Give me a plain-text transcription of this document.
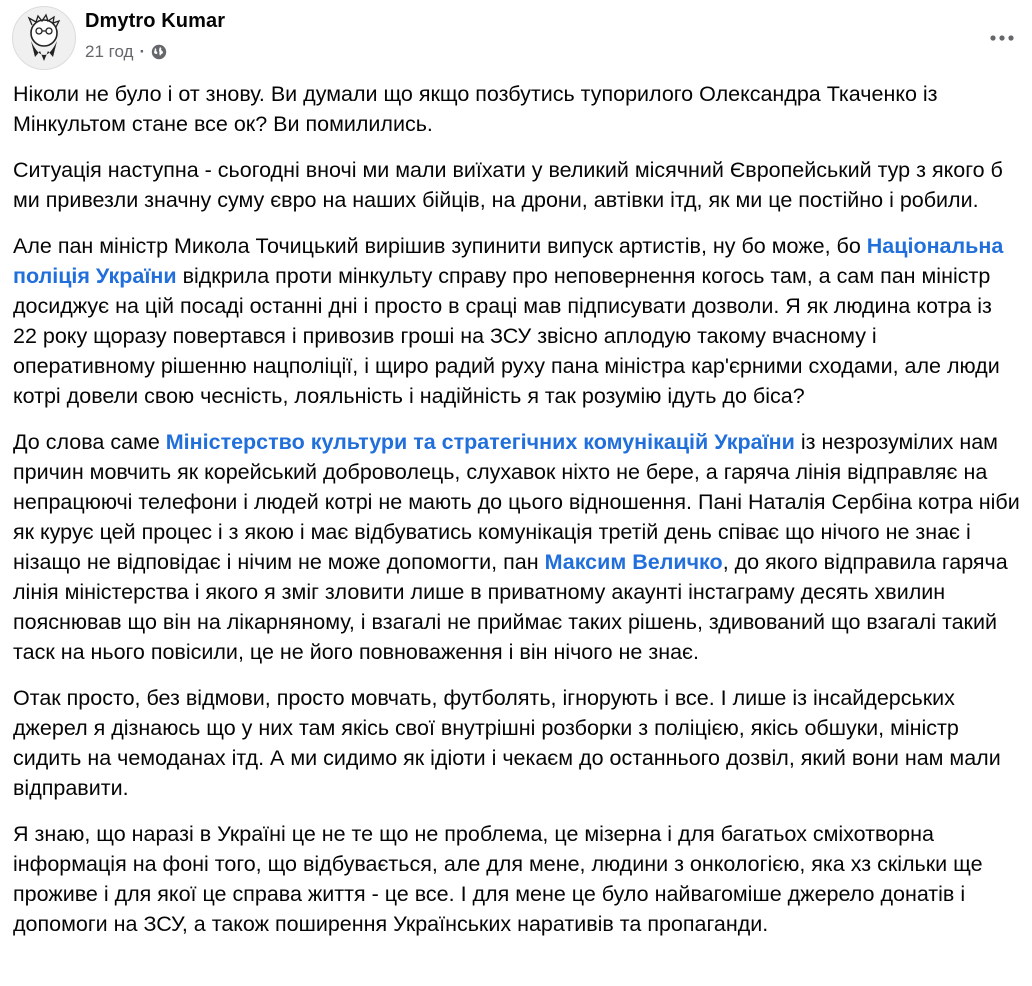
Dmytro Kumar
21 год ·

Ніколи не було і от знову. Ви думали що якщо позбутись тупорилого Олександра Ткаченко із Мінкультом стане все ок? Ви помилились.

Ситуація наступна - сьогодні вночі ми мали виїхати у великий місячний Європейський тур з якого б ми привезли значну суму євро на наших бійців, на дрони, автівки ітд, як ми це постійно і робили.

Але пан міністр Микола Точицький вирішив зупинити випуск артистів, ну бо може, бо Національна поліція України відкрила проти мінкульту справу про неповернення когось там, а сам пан міністр досиджує на цій посаді останні дні і просто в сраці мав підписувати дозволи. Я як людина котра із 22 року щоразу повертався і привозив гроші на ЗСУ звісно аплодую такому вчасному і оперативному рішенню нацполіції, і щиро радий руху пана міністра кар'єрними сходами, але люди котрі довели свою чесність, лояльність і надійність я так розумію ідуть до біса?

До слова саме Міністерство культури та стратегічних комунікацій України із незрозумілих нам причин мовчить як корейський доброволець, слухавок ніхто не бере, а гаряча лінія відправляє на непрацюючі телефони і людей котрі не мають до цього відношення. Пані Наталія Сербіна котра ніби як курує цей процес і з якою і має відбуватись комунікація третій день співає що нічого не знає і нізащо не відповідає і нічим не може допомогти, пан Максим Величко, до якого відправила гаряча лінія міністерства і якого я зміг зловити лише в приватному акаунті інстаграму десять хвилин пояснював що він на лікарняному, і взагалі не приймає таких рішень, здивований що взагалі такий таск на нього повісили, це не його повноваження і він нічого не знає.

Отак просто, без відмови, просто мовчать, футболять, ігнорують і все. І лише із інсайдерських джерел я дізнаюсь що у них там якісь свої внутрішні розборки з поліцією, якісь обшуки, міністр сидить на чемоданах ітд. А ми сидимо як ідіоти і чекаєм до останнього дозвіл, який вони нам мали відправити.

Я знаю, що наразі в Україні це не те що не проблема, це мізерна і для багатьох сміхотворна інформація на фоні того, що відбувається, але для мене, людини з онкологією, яка хз скільки ще проживе і для якої це справа життя - це все. І для мене це було найвагоміше джерело донатів і допомоги на ЗСУ, а також поширення Українських наративів та пропаганди.
